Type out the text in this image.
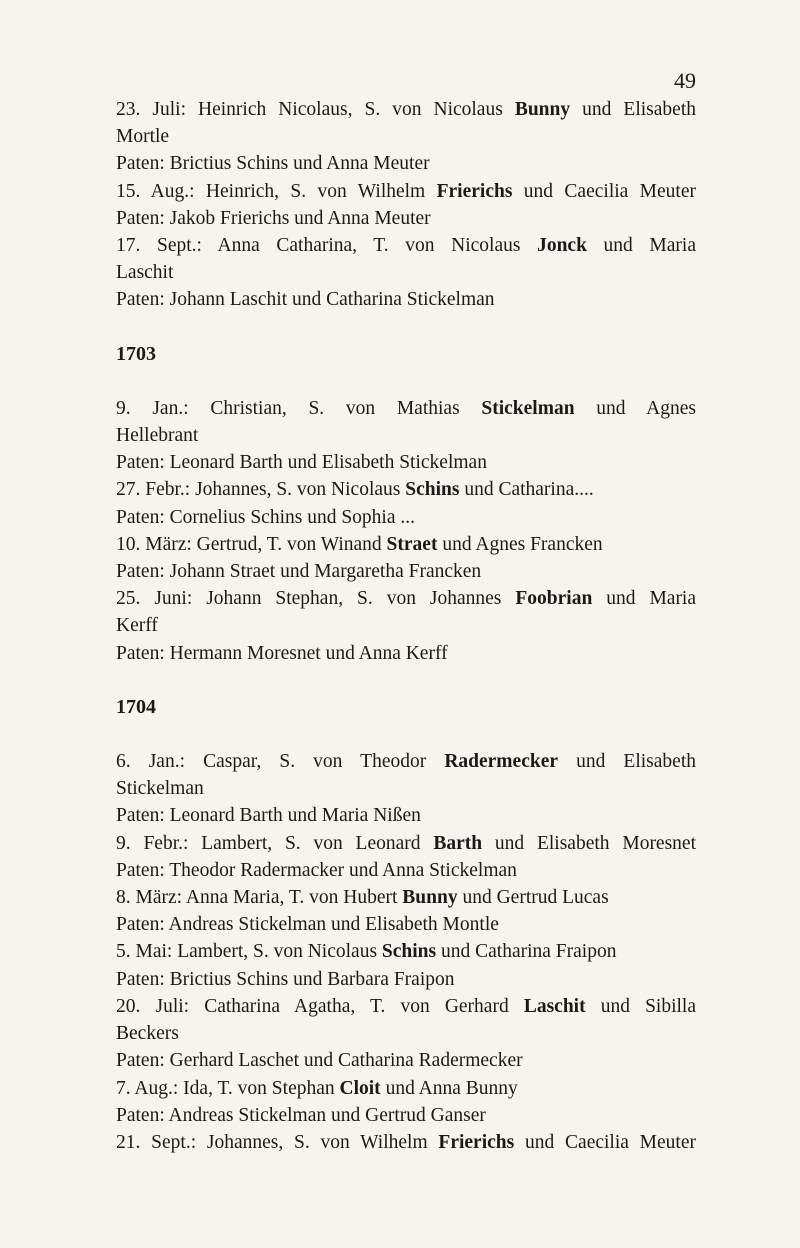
49
23. Juli: Heinrich Nicolaus, S. von Nicolaus Bunny und Elisabeth
Mortle
Paten: Brictius Schins und Anna Meuter
15. Aug.: Heinrich, S. von Wilhelm Frierichs und Caecilia Meuter
Paten: Jakob Frierichs und Anna Meuter
17. Sept.: Anna Catharina, T. von Nicolaus Jonck und Maria
Laschit
Paten: Johann Laschit und Catharina Stickelman
1703
9. Jan.: Christian, S. von Mathias Stickelman und Agnes
Hellebrant
Paten: Leonard Barth und Elisabeth Stickelman
27. Febr.: Johannes, S. von Nicolaus Schins und Catharina....
Paten: Cornelius Schins und Sophia ...
10. März: Gertrud, T. von Winand Straet und Agnes Francken
Paten: Johann Straet und Margaretha Francken
25. Juni: Johann Stephan, S. von Johannes Foobrian und Maria
Kerff
Paten: Hermann Moresnet und Anna Kerff
1704
6. Jan.: Caspar, S. von Theodor Radermecker und Elisabeth
Stickelman
Paten: Leonard Barth und Maria Nißen
9. Febr.: Lambert, S. von Leonard Barth und Elisabeth Moresnet
Paten: Theodor Radermacker und Anna Stickelman
8. März: Anna Maria, T. von Hubert Bunny und Gertrud Lucas
Paten: Andreas Stickelman und Elisabeth Montle
5. Mai: Lambert, S. von Nicolaus Schins und Catharina Fraipon
Paten: Brictius Schins und Barbara Fraipon
20. Juli: Catharina Agatha, T. von Gerhard Laschit und Sibilla
Beckers
Paten: Gerhard Laschet und Catharina Radermecker
7. Aug.: Ida, T. von Stephan Cloit und Anna Bunny
Paten: Andreas Stickelman und Gertrud Ganser
21. Sept.: Johannes, S. von Wilhelm Frierichs und Caecilia Meuter
